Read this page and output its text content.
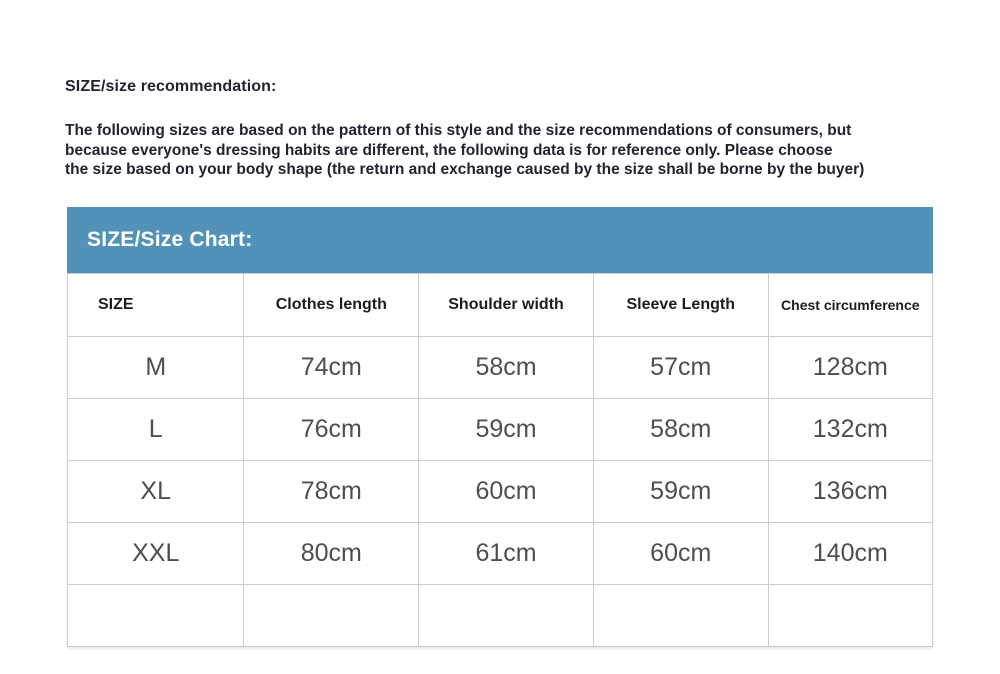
SIZE/size recommendation:
The following sizes are based on the pattern of this style and the size recommendations of consumers, but
because everyone's dressing habits are different, the following data is for reference only. Please choose
the size based on your body shape (the return and exchange caused by the size shall be borne by the buyer)
SIZE/Size Chart:
SIZE	Clothes length	Shoulder width	Sleeve Length	Chest circumference
M	74cm	58cm	57cm	128cm
L	76cm	59cm	58cm	132cm
XL	78cm	60cm	59cm	136cm
XXL	80cm	61cm	60cm	140cm
